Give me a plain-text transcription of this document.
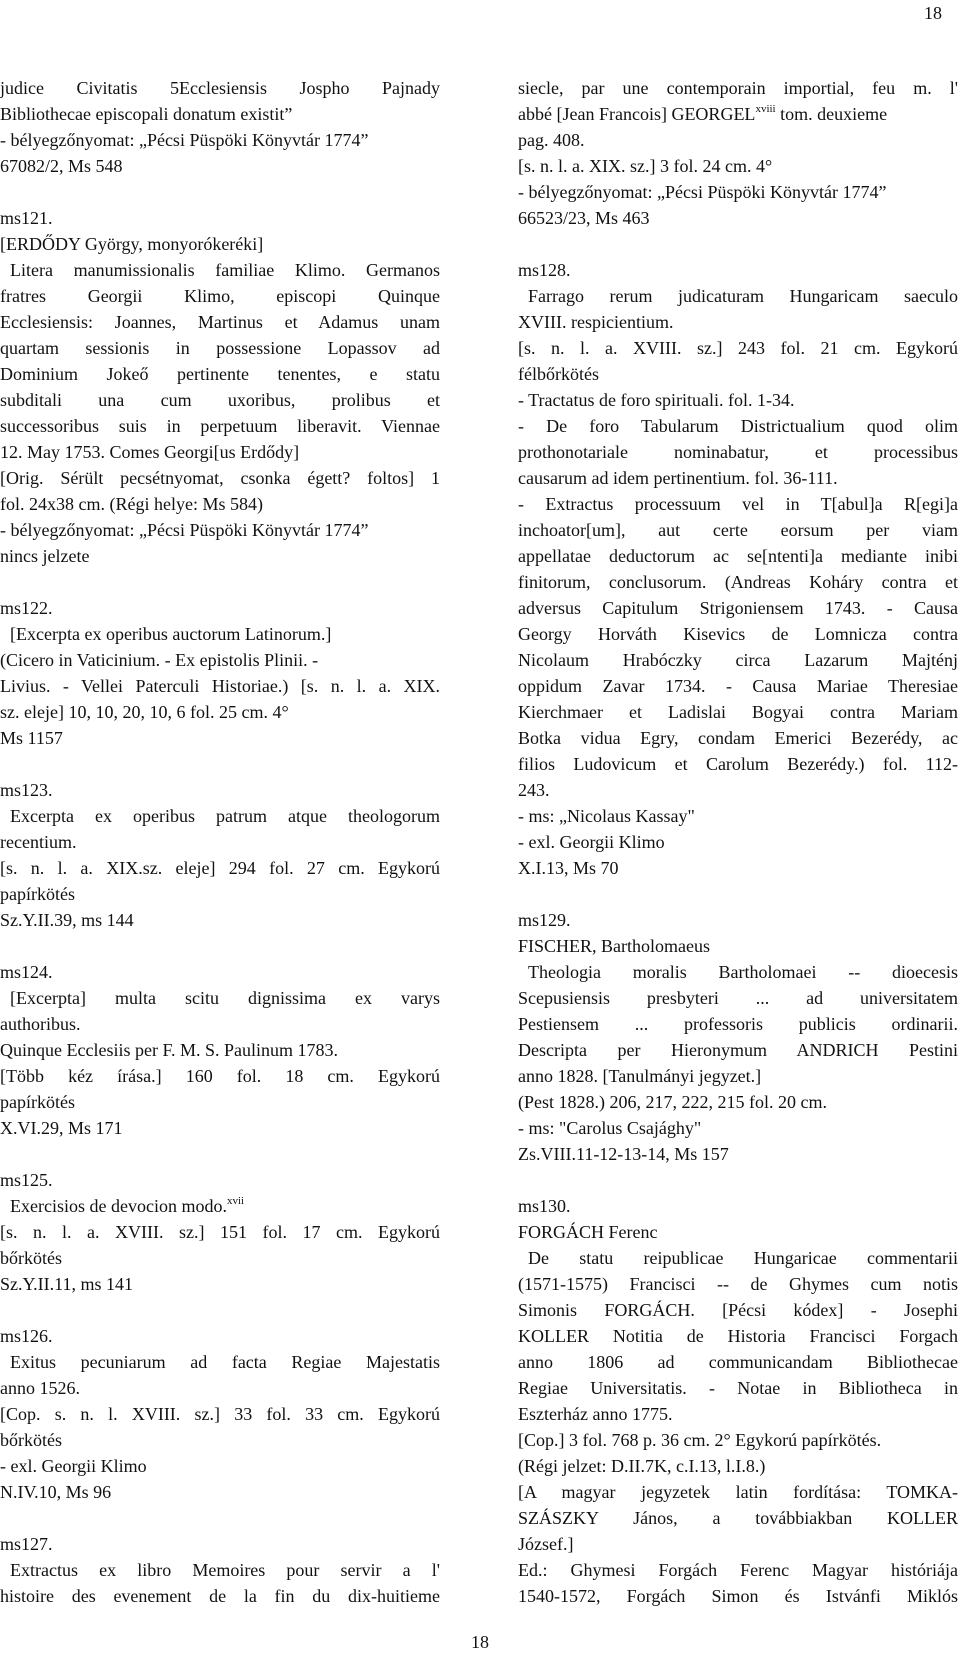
18
judice Civitatis 5Ecclesiensis Jospho Pajnady
Bibliothecae episcopali donatum existit”
- bélyegzőnyomat: „Pécsi Püspöki Könyvtár 1774”
67082/2, Ms 548
ms121.
[ERDŐDY György, monyorókeréki]
Litera manumissionalis familiae Klimo. Germanos
fratres Georgii Klimo, episcopi Quinque
Ecclesiensis: Joannes, Martinus et Adamus unam
quartam sessionis in possessione Lopassov ad
Dominium Jokeő pertinente tenentes, e statu
subditali una cum uxoribus, prolibus et
successoribus suis in perpetuum liberavit. Viennae
12. May 1753. Comes Georgi[us Erdődy]
[Orig. Sérült pecsétnyomat, csonka égett? foltos] 1
fol. 24x38 cm. (Régi helye: Ms 584)
- bélyegzőnyomat: „Pécsi Püspöki Könyvtár 1774”
nincs jelzete
ms122.
[Excerpta ex operibus auctorum Latinorum.]
(Cicero in Vaticinium. - Ex epistolis Plinii. -
Livius. - Vellei Paterculi Historiae.) [s. n. l. a. XIX.
sz. eleje] 10, 10, 20, 10, 6 fol. 25 cm. 4°
Ms 1157
ms123.
Excerpta ex operibus patrum atque theologorum
recentium.
[s. n. l. a. XIX.sz. eleje] 294 fol. 27 cm. Egykorú
papírkötés
Sz.Y.II.39, ms 144
ms124.
[Excerpta] multa scitu dignissima ex varys
authoribus.
Quinque Ecclesiis per F. M. S. Paulinum 1783.
[Több kéz írása.] 160 fol. 18 cm. Egykorú
papírkötés
X.VI.29, Ms 171
ms125.
Exercisios de devocion modo.$^{xvii}$
[s. n. l. a. XVIII. sz.] 151 fol. 17 cm. Egykorú
bőrkötés
Sz.Y.II.11, ms 141
ms126.
Exitus pecuniarum ad facta Regiae Majestatis
anno 1526.
[Cop. s. n. l. XVIII. sz.] 33 fol. 33 cm. Egykorú
bőrkötés
- exl. Georgii Klimo
N.IV.10, Ms 96
ms127.
Extractus ex libro Memoires pour servir a l'
histoire des evenement de la fin du dix-huitieme
siecle, par une contemporain importial, feu m. l'
abbé [Jean Francois] $GEORGEL^{xviii}$ tom. deuxieme
pag. 408.
[s. n. l. a. XIX. sz.] 3 fol. 24 cm. 4°
- bélyegzőnyomat: „Pécsi Püspöki Könyvtár 1774”
66523/23, Ms 463
ms128.
Farrago rerum judicaturam Hungaricam saeculo
XVIII. respicientium.
[s. n. l. a. XVIII. sz.] 243 fol. 21 cm. Egykorú
félbőrkötés
- Tractatus de foro spirituali. fol. 1-34.
- De foro Tabularum Districtualium quod olim
prothonotariale nominabatur, et processibus
causarum ad idem pertinentium. fol. 36-111.
- Extractus processuum vel in T[abul]a R[egi]a
inchoator[um], aut certe eorsum per viam
appellatae deductorum ac se[ntenti]a mediante inibi
finitorum, conclusorum. (Andreas Koháry contra et
adversus Capitulum Strigoniensem 1743. - Causa
Georgy Horváth Kisevics de Lomnicza contra
Nicolaum Hrabóczky circa Lazarum Majténj
oppidum Zavar 1734. - Causa Mariae Theresiae
Kierchmaer et Ladislai Bogyai contra Mariam
Botka vidua Egry, condam Emerici Bezerédy, ac
filios Ludovicum et Carolum Bezerédy.) fol. 112-
243.
- ms: „Nicolaus Kassay"
- exl. Georgii Klimo
X.I.13, Ms 70
ms129.
FISCHER, Bartholomaeus
Theologia moralis Bartholomaei -- dioecesis
Scepusiensis presbyteri ... ad universitatem
Pestiensem ... professoris publicis ordinarii.
Descripta per Hieronymum ANDRICH Pestini
anno 1828. [Tanulmányi jegyzet.]
(Pest 1828.) 206, 217, 222, 215 fol. 20 cm.
- ms: "Carolus Csajághy"
Zs.VIII.11-12-13-14, Ms 157
ms130.
FORGÁCH Ferenc
De statu reipublicae Hungaricae commentarii
(1571-1575) Francisci -- de Ghymes cum notis
Simonis FORGÁCH. [Pécsi kódex] - Josephi
KOLLER Notitia de Historia Francisci Forgach
anno 1806 ad communicandam Bibliothecae
Regiae Universitatis. - Notae in Bibliotheca in
Eszterház anno 1775.
[Cop.] 3 fol. 768 p. 36 cm. 2° Egykorú papírkötés.
(Régi jelzet: D.II.7K, c.I.13, l.I.8.)
[A magyar jegyzetek latin fordítása: TOMKA-
SZÁSZKY János, a továbbiakban KOLLER
József.]
Ed.: Ghymesi Forgách Ferenc Magyar históriája
1540-1572, Forgách Simon és Istvánfi Miklós
18
